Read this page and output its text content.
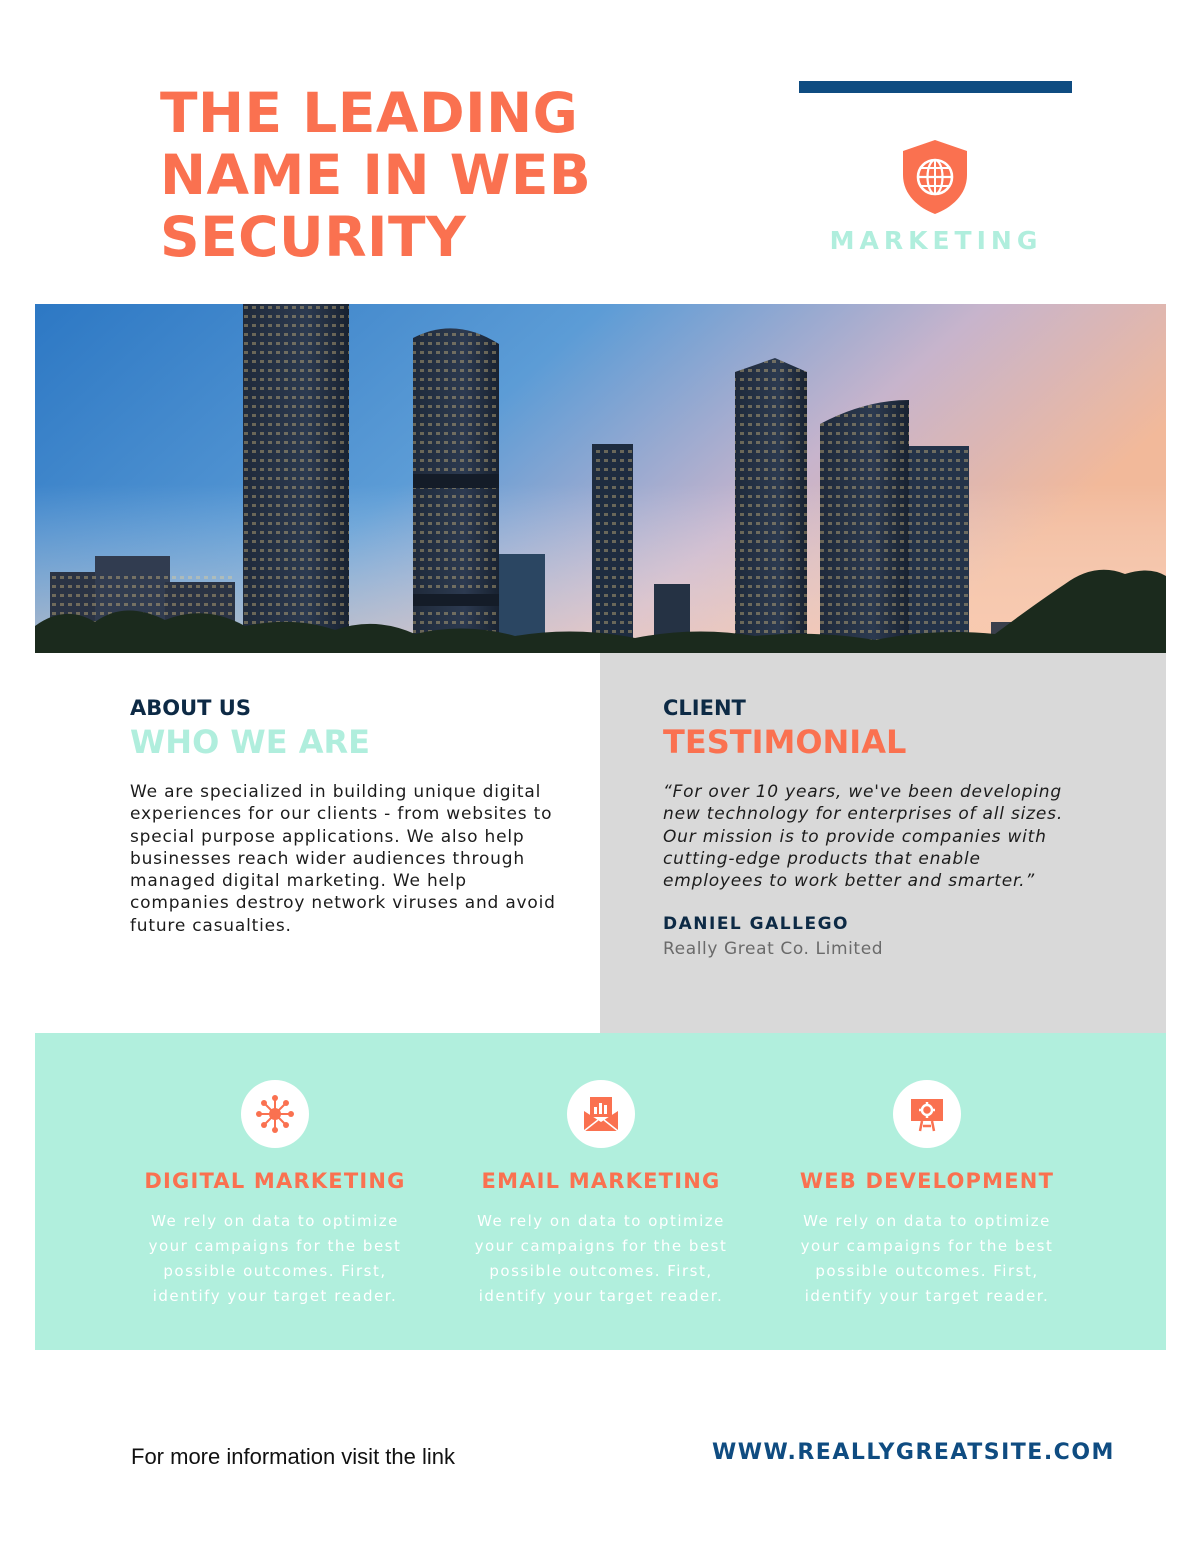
THE LEADING
NAME IN WEB
SECURITY	MARKETING
ABOUT US
WHO WE ARE

We are specialized in building unique digital experiences for our clients - from websites to special purpose applications. We also help businesses reach wider audiences through managed digital marketing. We help companies destroy network viruses and avoid future casualties.

CLIENT
TESTIMONIAL

“For over 10 years, we've been developing new technology for enterprises of all sizes. Our mission is to provide companies with cutting-edge products that enable employees to work better and smarter.”

DANIEL GALLEGO
Really Great Co. Limited
DIGITAL MARKETING

We rely on data to optimize your campaigns for the best possible outcomes. First, identify your target reader.

EMAIL MARKETING

We rely on data to optimize your campaigns for the best possible outcomes. First, identify your target reader.

WEB DEVELOPMENT

We rely on data to optimize your campaigns for the best possible outcomes. First, identify your target reader.

For more information visit the link	WWW.REALLYGREATSITE.COM
